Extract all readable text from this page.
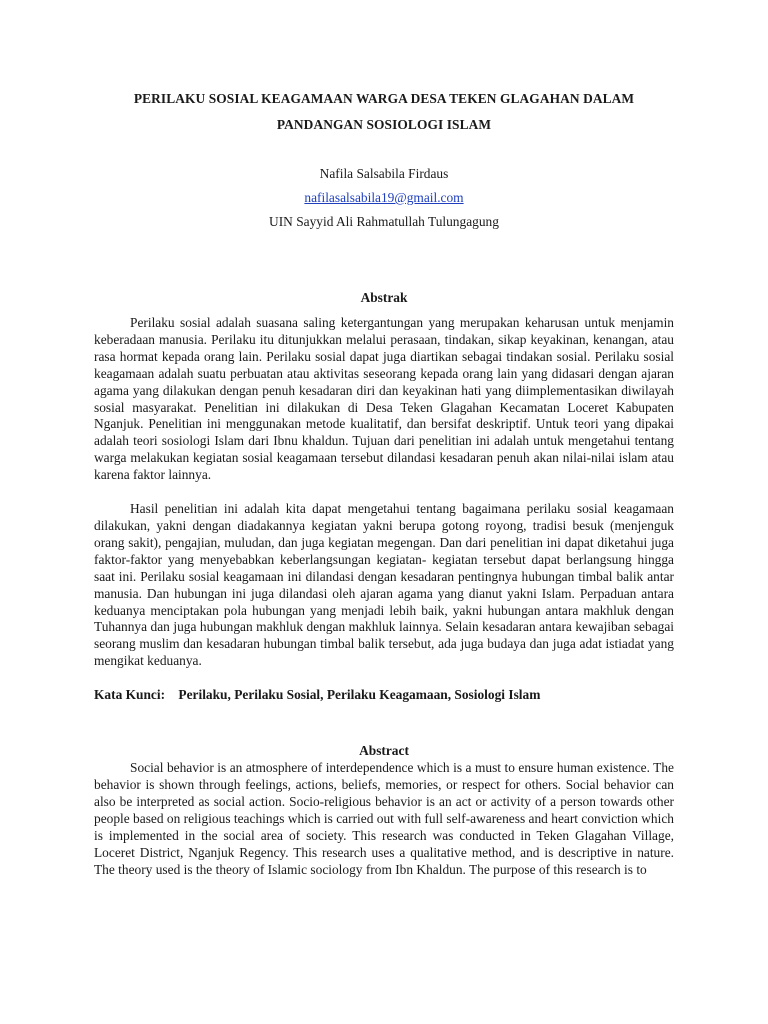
PERILAKU SOSIAL KEAGAMAAN WARGA DESA TEKEN GLAGAHAN DALAM
PANDANGAN SOSIOLOGI ISLAM
Nafila Salsabila Firdaus
nafilasalsabila19@gmail.com
UIN Sayyid Ali Rahmatullah Tulungagung
Abstrak

Perilaku sosial adalah suasana saling ketergantungan yang merupakan keharusan untuk menjamin keberadaan manusia. Perilaku itu ditunjukkan melalui perasaan, tindakan, sikap keyakinan, kenangan, atau rasa hormat kepada orang lain. Perilaku sosial dapat juga diartikan sebagai tindakan sosial. Perilaku sosial keagamaan adalah suatu perbuatan atau aktivitas seseorang kepada orang lain yang didasari dengan ajaran agama yang dilakukan dengan penuh kesadaran diri dan keyakinan hati yang diimplementasikan diwilayah sosial masyarakat. Penelitian ini dilakukan di Desa Teken Glagahan Kecamatan Loceret Kabupaten Nganjuk. Penelitian ini menggunakan metode kualitatif, dan bersifat deskriptif. Untuk teori yang dipakai adalah teori sosiologi Islam dari Ibnu khaldun. Tujuan dari penelitian ini adalah untuk mengetahui tentang warga melakukan kegiatan sosial keagamaan tersebut dilandasi kesadaran penuh akan nilai-nilai islam atau karena faktor lainnya.

Hasil penelitian ini adalah kita dapat mengetahui tentang bagaimana perilaku sosial keagamaan dilakukan, yakni dengan diadakannya kegiatan yakni berupa gotong royong, tradisi besuk (menjenguk orang sakit), pengajian, muludan, dan juga kegiatan megengan. Dan dari penelitian ini dapat diketahui juga faktor-faktor yang menyebabkan keberlangsungan kegiatan- kegiatan tersebut dapat berlangsung hingga saat ini. Perilaku sosial keagamaan ini dilandasi dengan kesadaran pentingnya hubungan timbal balik antar manusia. Dan hubungan ini juga dilandasi oleh ajaran agama yang dianut yakni Islam. Perpaduan antara keduanya menciptakan pola hubungan yang menjadi lebih baik, yakni hubungan antara makhluk dengan Tuhannya dan juga hubungan makhluk dengan makhluk lainnya. Selain kesadaran antara kewajiban sebagai seorang muslim dan kesadaran hubungan timbal balik tersebut, ada juga budaya dan juga adat istiadat yang mengikat keduanya.

Kata Kunci: Perilaku, Perilaku Sosial, Perilaku Keagamaan, Sosiologi Islam
Abstract

Social behavior is an atmosphere of interdependence which is a must to ensure human existence. The behavior is shown through feelings, actions, beliefs, memories, or respect for others. Social behavior can also be interpreted as social action. Socio-religious behavior is an act or activity of a person towards other people based on religious teachings which is carried out with full self-awareness and heart conviction which is implemented in the social area of society. This research was conducted in Teken Glagahan Village, Loceret District, Nganjuk Regency. This research uses a qualitative method, and is descriptive in nature. The theory used is the theory of Islamic sociology from Ibn Khaldun. The purpose of this research is to
